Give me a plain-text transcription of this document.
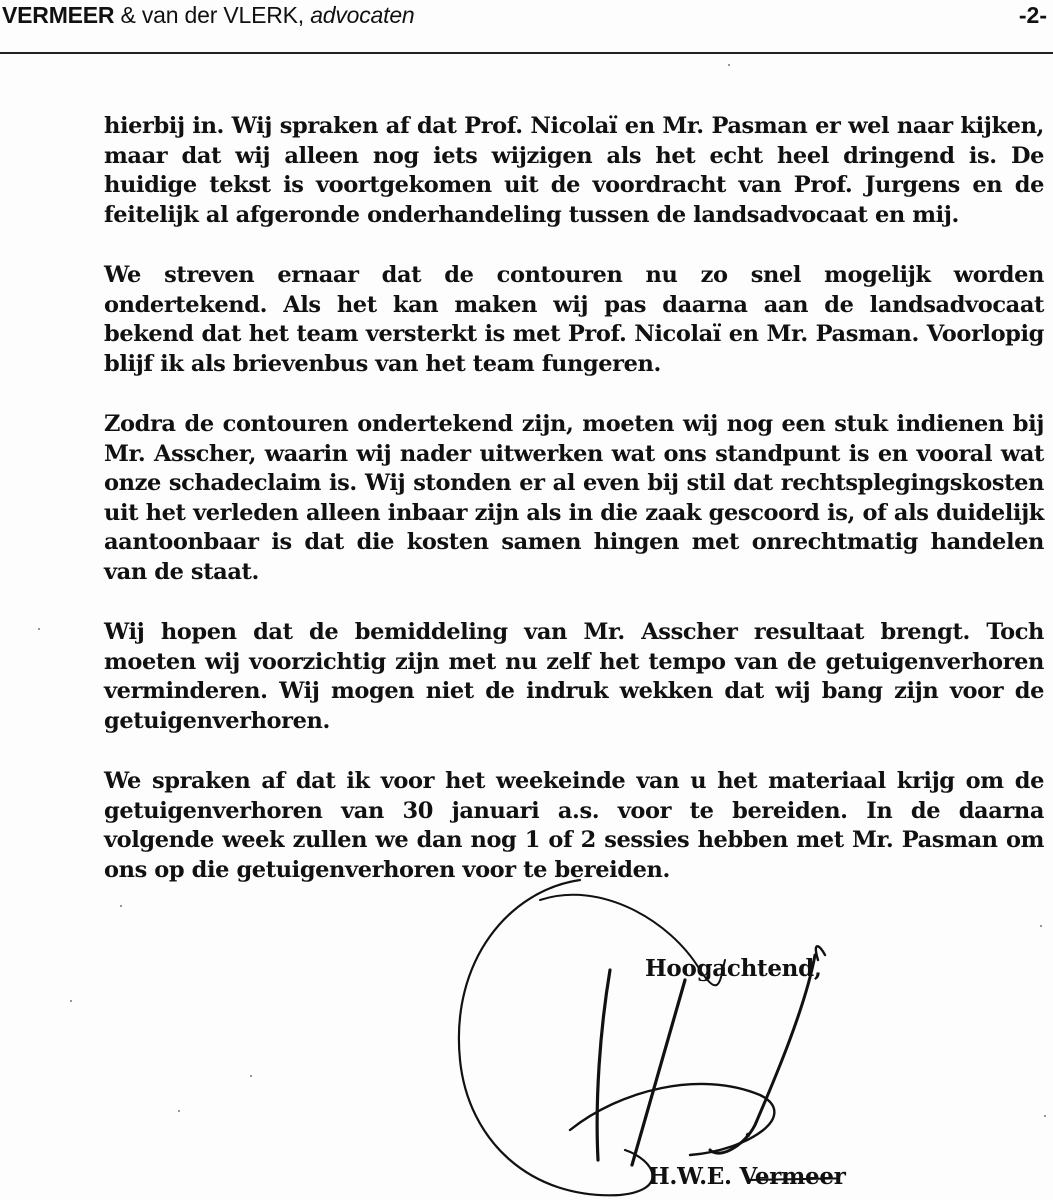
VERMEER & van der VLERK, advocaten	-2-

hierbij in. Wij spraken af dat Prof. Nicolaï en Mr. Pasman er wel naar kijken, maar dat wij alleen nog iets wijzigen als het echt heel dringend is. De huidige tekst is voortgekomen uit de voordracht van Prof. Jurgens en de feitelijk al afgeronde onderhandeling tussen de landsadvocaat en mij.

We streven ernaar dat de contouren nu zo snel mogelijk worden ondertekend. Als het kan maken wij pas daarna aan de landsadvocaat bekend dat het team versterkt is met Prof. Nicolaï en Mr. Pasman. Voorlopig blijf ik als brievenbus van het team fungeren.

Zodra de contouren ondertekend zijn, moeten wij nog een stuk indienen bij Mr. Asscher, waarin wij nader uitwerken wat ons standpunt is en vooral wat onze schadeclaim is. Wij stonden er al even bij stil dat rechtsplegingskosten uit het verleden alleen inbaar zijn als in die zaak gescoord is, of als duidelijk aantoonbaar is dat die kosten samen hingen met onrechtmatig handelen van de staat.

Wij hopen dat de bemiddeling van Mr. Asscher resultaat brengt. Toch moeten wij voorzichtig zijn met nu zelf het tempo van de getuigenverhoren verminderen. Wij mogen niet de indruk wekken dat wij bang zijn voor de getuigenverhoren.

We spraken af dat ik voor het weekeinde van u het materiaal krijg om de getuigenverhoren van 30 januari a.s. voor te bereiden. In de daarna volgende week zullen we dan nog 1 of 2 sessies hebben met Mr. Pasman om ons op die getuigenverhoren voor te bereiden.

Hoogachtend,
H.W.E. Vermeer
